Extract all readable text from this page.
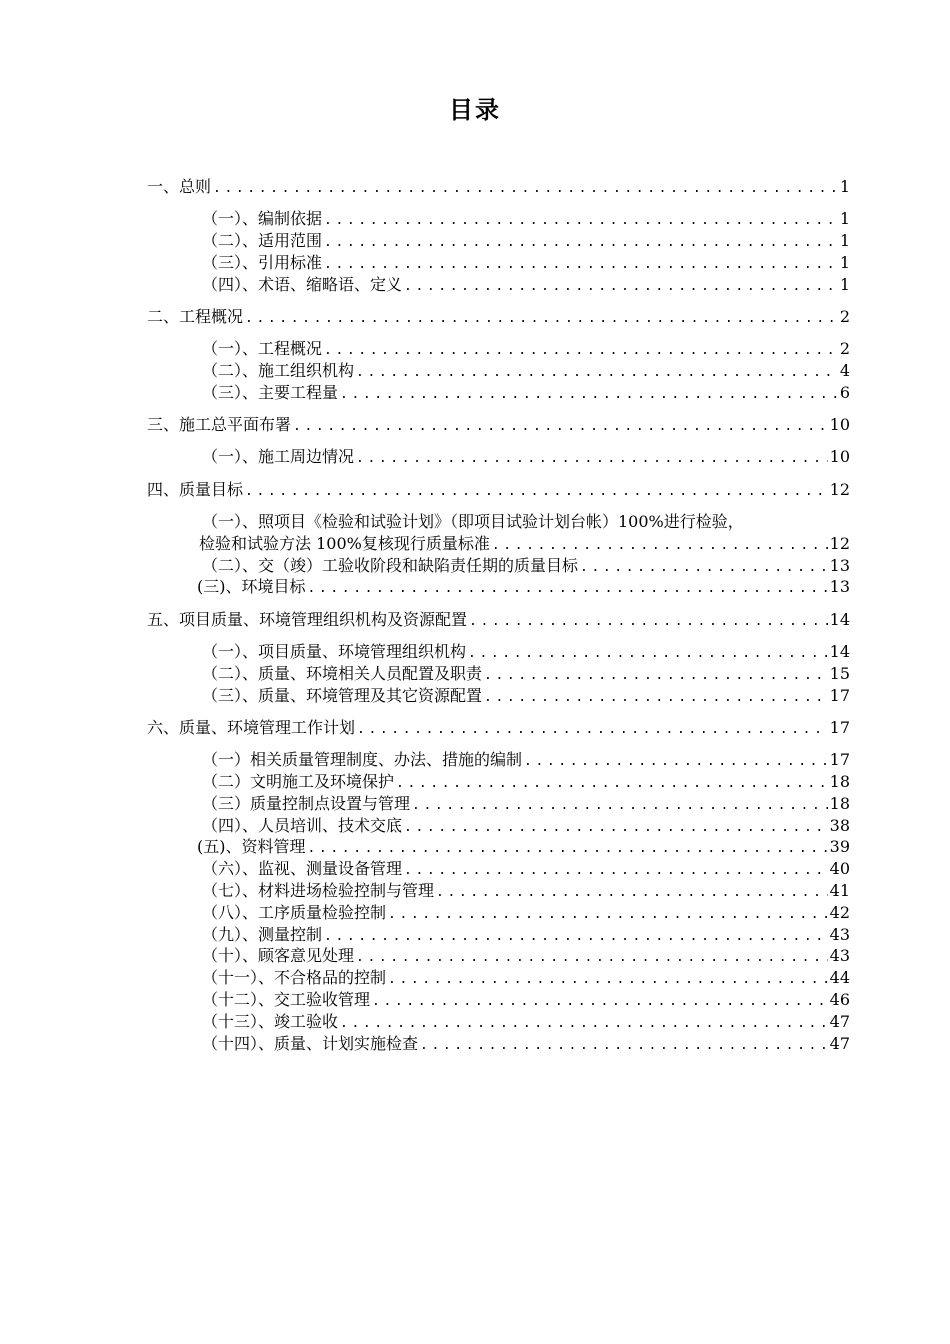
目录
一、总则 .....	1
（一）、编制依据 .....	1
（二）、适用范围 .....	1
（三）、引用标准 .....	1
（四）、术语、缩略语、定义 .....	1
二、工程概况 .....	2
（一）、工程概况 .....	2
（二）、施工组织机构 .....	4
（三）、主要工程量 .....	6
三、施工总平面布署 .....	10
（一）、施工周边情况 .....	10
四、质量目标 .....	12
（一）、照项目《检验和试验计划》（即项目试验计划台帐）100%进行检验，
检验和试验方法 100%复核现行质量标准 .....	12
（二）、交（竣）工验收阶段和缺陷责任期的质量目标 .....	13
(三)、环境目标 .....	13
五、项目质量、环境管理组织机构及资源配置 .....	14
（一）、项目质量、环境管理组织机构 .....	14
（二）、质量、环境相关人员配置及职责 .....	15
（三）、质量、环境管理及其它资源配置 .....	17
六、质量、环境管理工作计划 .....	17
（一）相关质量管理制度、办法、措施的编制 .....	17
（二）文明施工及环境保护 .....	18
（三）质量控制点设置与管理 .....	18
（四）、人员培训、技术交底 .....	38
(五)、资料管理 .....	39
（六）、监视、测量设备管理 .....	40
（七）、材料进场检验控制与管理 .....	41
（八）、工序质量检验控制 .....	42
（九）、测量控制 .....	43
（十）、顾客意见处理 .....	43
（十一）、不合格品的控制 .....	44
（十二）、交工验收管理 .....	46
（十三）、竣工验收 .....	47
（十四）、质量、计划实施检查 .....	47
